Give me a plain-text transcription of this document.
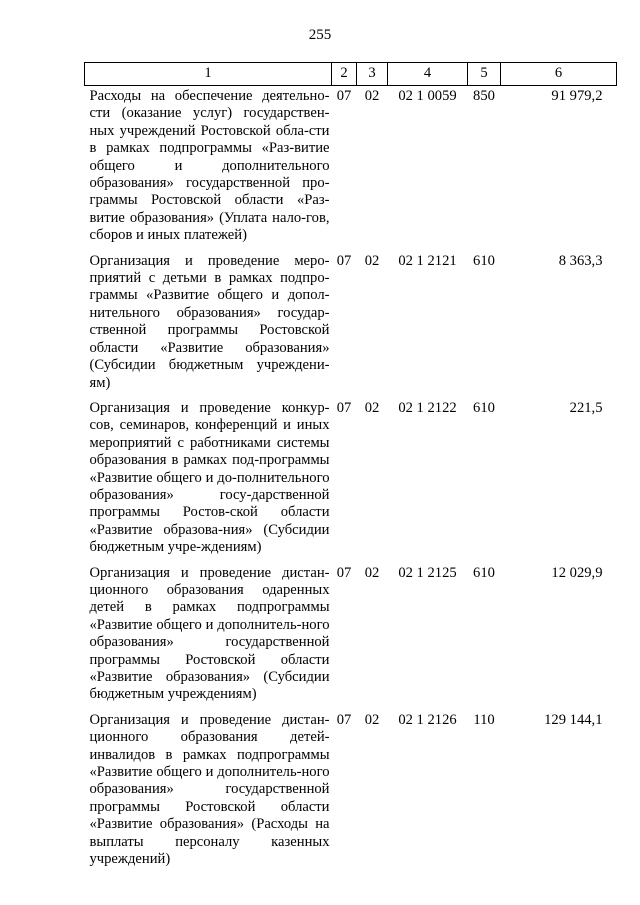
255
1	2	3	4	5	6
Расходы на обеспечение деятельно-сти (оказание услуг) государствен-ных учреждений Ростовской обла-сти в рамках подпрограммы «Раз-витие общего и дополнительного образования» государственной про-граммы Ростовской области «Раз-витие образования» (Уплата нало-гов, сборов и иных платежей)	07	02	02 1 0059	850	91 979,2
Организация и проведение меро-приятий с детьми в рамках подпро-граммы «Развитие общего и допол-нительного образования» государ-ственной программы Ростовской области «Развитие образования» (Субсидии бюджетным учреждени-ям)	07	02	02 1 2121	610	8 363,3
Организация и проведение конкур-сов, семинаров, конференций и иных мероприятий с работниками системы образования в рамках под-программы «Развитие общего и до-полнительного образования» госу-дарственной программы Ростов-ской области «Развитие образова-ния» (Субсидии бюджетным учре-ждениям)	07	02	02 1 2122	610	221,5
Организация и проведение дистан-ционного образования одаренных детей в рамках подпрограммы «Развитие общего и дополнитель-ного образования» государственной программы Ростовской области «Развитие образования» (Субсидии бюджетным учреждениям)	07	02	02 1 2125	610	12 029,9
Организация и проведение дистан-ционного образования детей-инвалидов в рамках подпрограммы «Развитие общего и дополнитель-ного образования» государственной программы Ростовской области «Развитие образования» (Расходы на выплаты персоналу казенных учреждений)	07	02	02 1 2126	110	129 144,1
